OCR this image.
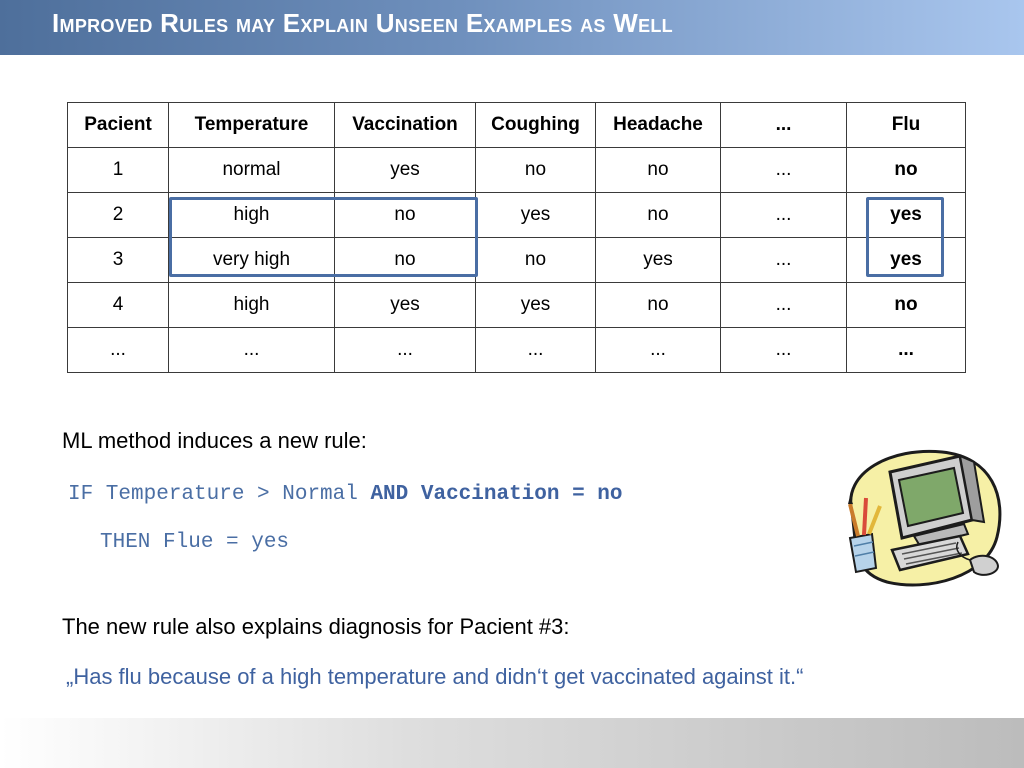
Improved Rules may Explain Unseen Examples as Well
Pacient	Temperature	Vaccination	Coughing	Headache	...	Flu
1	normal	yes	no	no	...	no
2	high	no	yes	no	...	yes
3	very high	no	no	yes	...	yes
4	high	yes	yes	no	...	no
...	...	...	...	...	...	...
ML method induces a new rule:
IF Temperature > Normal AND Vaccination = no
THEN Flue = yes
The new rule also explains diagnosis for Pacient #3:
„Has flu because of a high temperature and didn‘t get vaccinated against it.“
